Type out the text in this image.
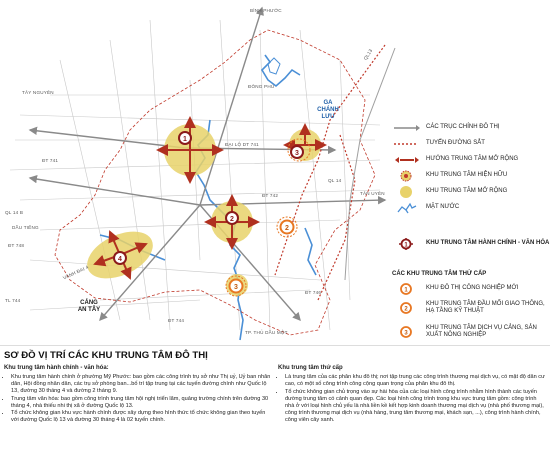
1
2
3
4
2
3
BÌNH PHƯỚC
QL13
TÂY NGUYÊN
ĐẠI LỘ DT 741
ĐT 741
TÂN UYÊN
QL 14
ĐT 742
QL 14 B
ĐT 748
VÀNH ĐAI 4
TL 744
TP. THỦ DẦU MỘT
ĐT 744
ĐT 746
DẦU TIẾNG
ĐÔNG PHÚ
GA
CHÁNH
LƯU
CẢNG
AN TÂY
CÁC TRỤC CHÍNH ĐÔ THỊ
TUYẾN ĐƯỜNG SẮT
HƯỚNG TRUNG TÂM MỞ RỘNG
KHU TRUNG TÂM HIỆN HỮU
KHU TRUNG TÂM MỞ RỘNG
MẶT NƯỚC
1	KHU TRUNG TÂM HÀNH CHÍNH - VĂN HÓA
CÁC KHU TRUNG TÂM THỨ CẤP
1	KHU ĐÔ THỊ CÔNG NGHIỆP MỚI
2
KHU TRUNG TÂM ĐẦU MỐI GIAO THÔNG, HẠ TẦNG KỸ THUẬT
3
KHU TRUNG TÂM DỊCH VỤ CẢNG, SẢN XUẤT NÔNG NGHIỆP
SƠ ĐỒ VỊ TRÍ CÁC KHU TRUNG TÂM ĐÔ THỊ
Khu trung tâm hành chính - văn hóa:
• Khu trung tâm hành chính ở phường Mỹ Phước: bao gồm các công trình trụ sở như Thị uỷ, Uỷ ban nhân dân, Hội đồng nhân dân, các trụ sở phòng ban...bố trí tập trung tại các tuyến đường chính như Quốc lộ 13, đường 30 tháng 4 và đường 2 tháng 9.
• Trung tâm văn hóa: bao gồm công trình trung tâm hội nghị triển lãm, quảng trường chính trên đường 30 tháng 4, nhà thiếu nhi thị xã ở đường Quốc lộ 13.
• Tổ chức không gian khu vực hành chính được xây dựng theo hình thức tổ chức không gian theo tuyến với đường Quốc lộ 13 và đường 30 tháng 4 là 02 tuyến chính.
Khu trung tâm thứ cấp
• Là trung tâm của các phân khu đô thị; nơi tập trung các công trình thương mại dịch vụ, có mật độ dân cư cao, có một số công trình công cộng quan trọng của phân khu đô thị.
• Tổ chức không gian chủ trọng vào sự hài hòa của các loại hình công trình nhằm hình thành các tuyến đường trung tâm có cảnh quan đẹp. Các loại hình công trình trong khu vực trung tâm gồm: công trình nhà ở với loại hình chủ yếu là nhà liền kề kết hợp kinh doanh thương mại dịch vụ (nhà phố thương mại), công trình thương mại dịch vụ (nhà hàng, trung tâm thương mại, khách sạn, ...), công trình hành chính, công viên cây xanh.
